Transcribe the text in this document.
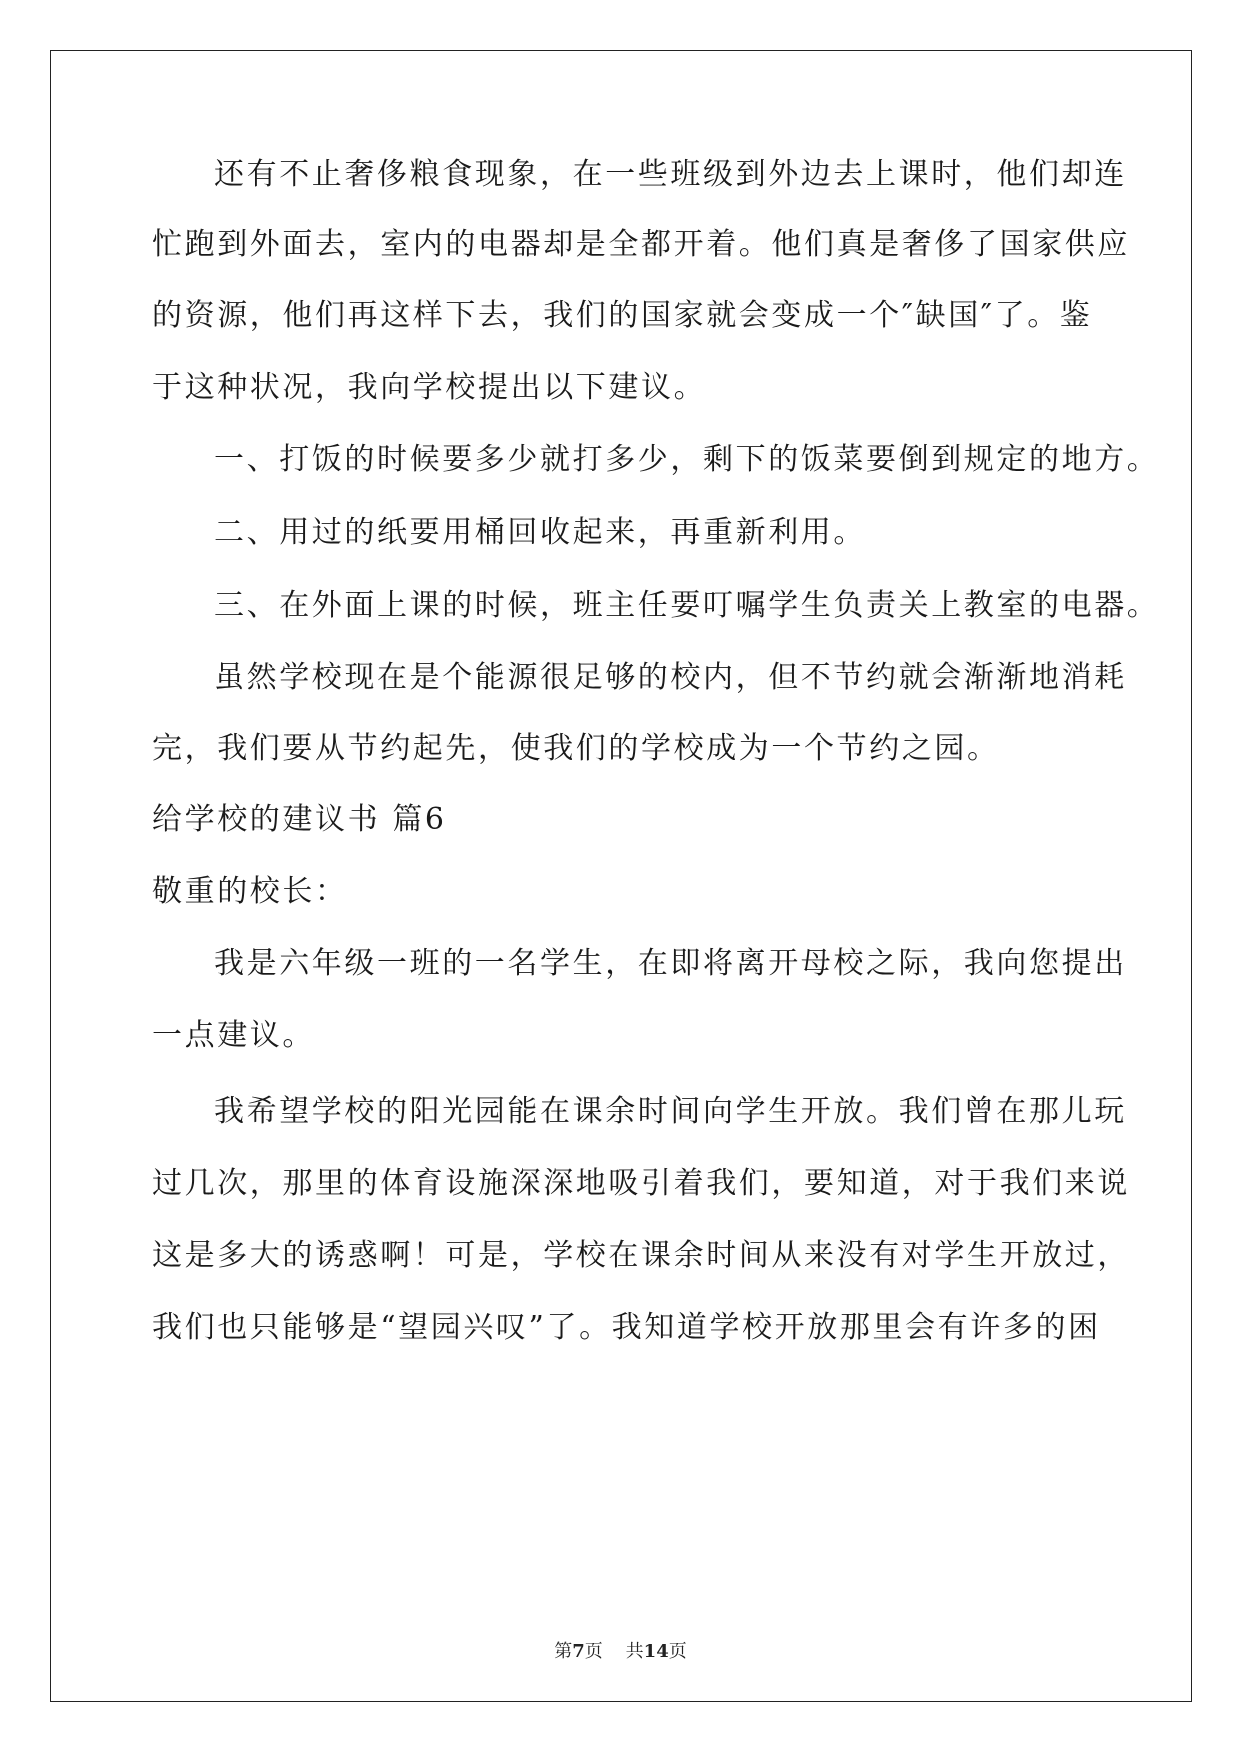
还有不止奢侈粮食现象，在一些班级到外边去上课时，他们却连

忙跑到外面去，室内的电器却是全都开着。他们真是奢侈了国家供应

的资源，他们再这样下去，我们的国家就会变成一个″缺国″了。鉴

于这种状况，我向学校提出以下建议。

一、打饭的时候要多少就打多少，剩下的饭菜要倒到规定的地方。

二、用过的纸要用桶回收起来，再重新利用。

三、在外面上课的时候，班主任要叮嘱学生负责关上教室的电器。

虽然学校现在是个能源很足够的校内，但不节约就会渐渐地消耗

完，我们要从节约起先，使我们的学校成为一个节约之园。

给学校的建议书 篇6

敬重的校长：

我是六年级一班的一名学生，在即将离开母校之际，我向您提出

一点建议。

我希望学校的阳光园能在课余时间向学生开放。我们曾在那儿玩

过几次，那里的体育设施深深地吸引着我们，要知道，对于我们来说

这是多大的诱惑啊！可是，学校在课余时间从来没有对学生开放过，

我们也只能够是“望园兴叹”了。我知道学校开放那里会有许多的困

第7页 共14页
